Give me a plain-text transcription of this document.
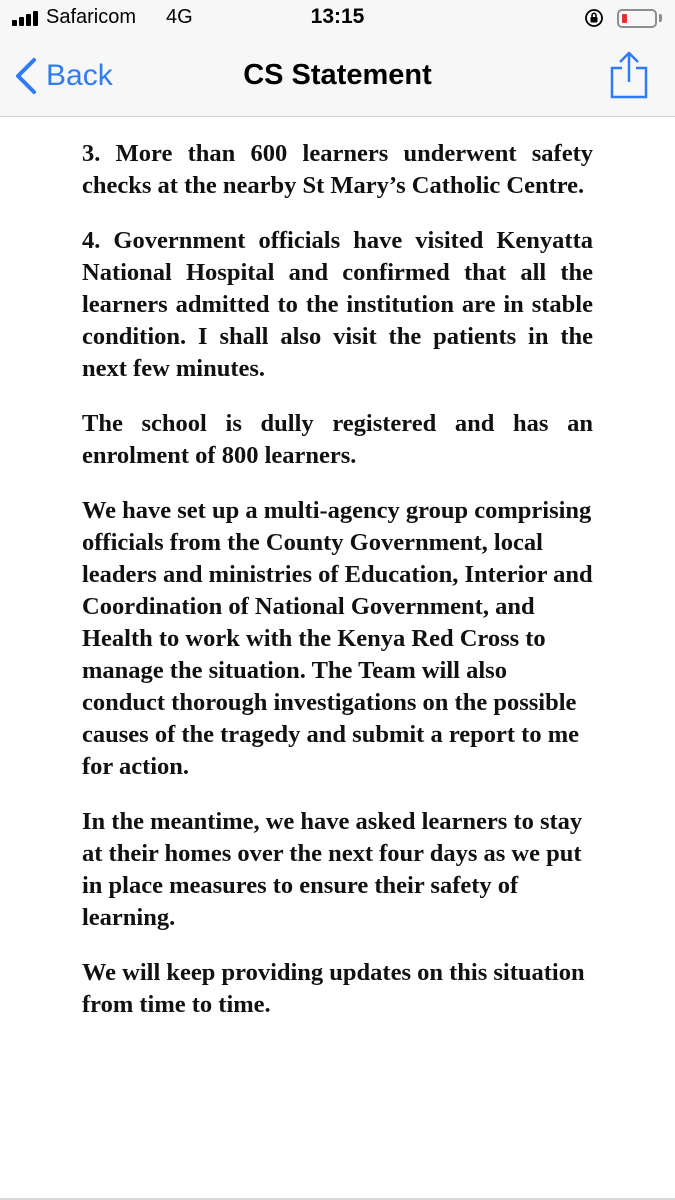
Safaricom 4G	13:15
Back	CS Statement

3. More than 600 learners underwent safety checks at the nearby St Mary’s Catholic Centre.

4. Government officials have visited Kenyatta National Hospital and confirmed that all the learners admitted to the institution are in stable   condition. I shall also visit the patients in the next few minutes.

The school is dully registered and has an enrolment of 800 learners.

We have set up a multi-agency group comprising officials from the County Government, local leaders and ministries of Education, Interior and Coordination of National Government, and Health to work with the Kenya Red Cross to manage the situation. The Team will also conduct thorough investigations on the possible causes of the tragedy and submit a report to me for action.

In the meantime, we have asked learners to stay at their homes over the next four days as we put in place measures to ensure their safety of learning.

We will keep providing updates on this situation from time to time.
